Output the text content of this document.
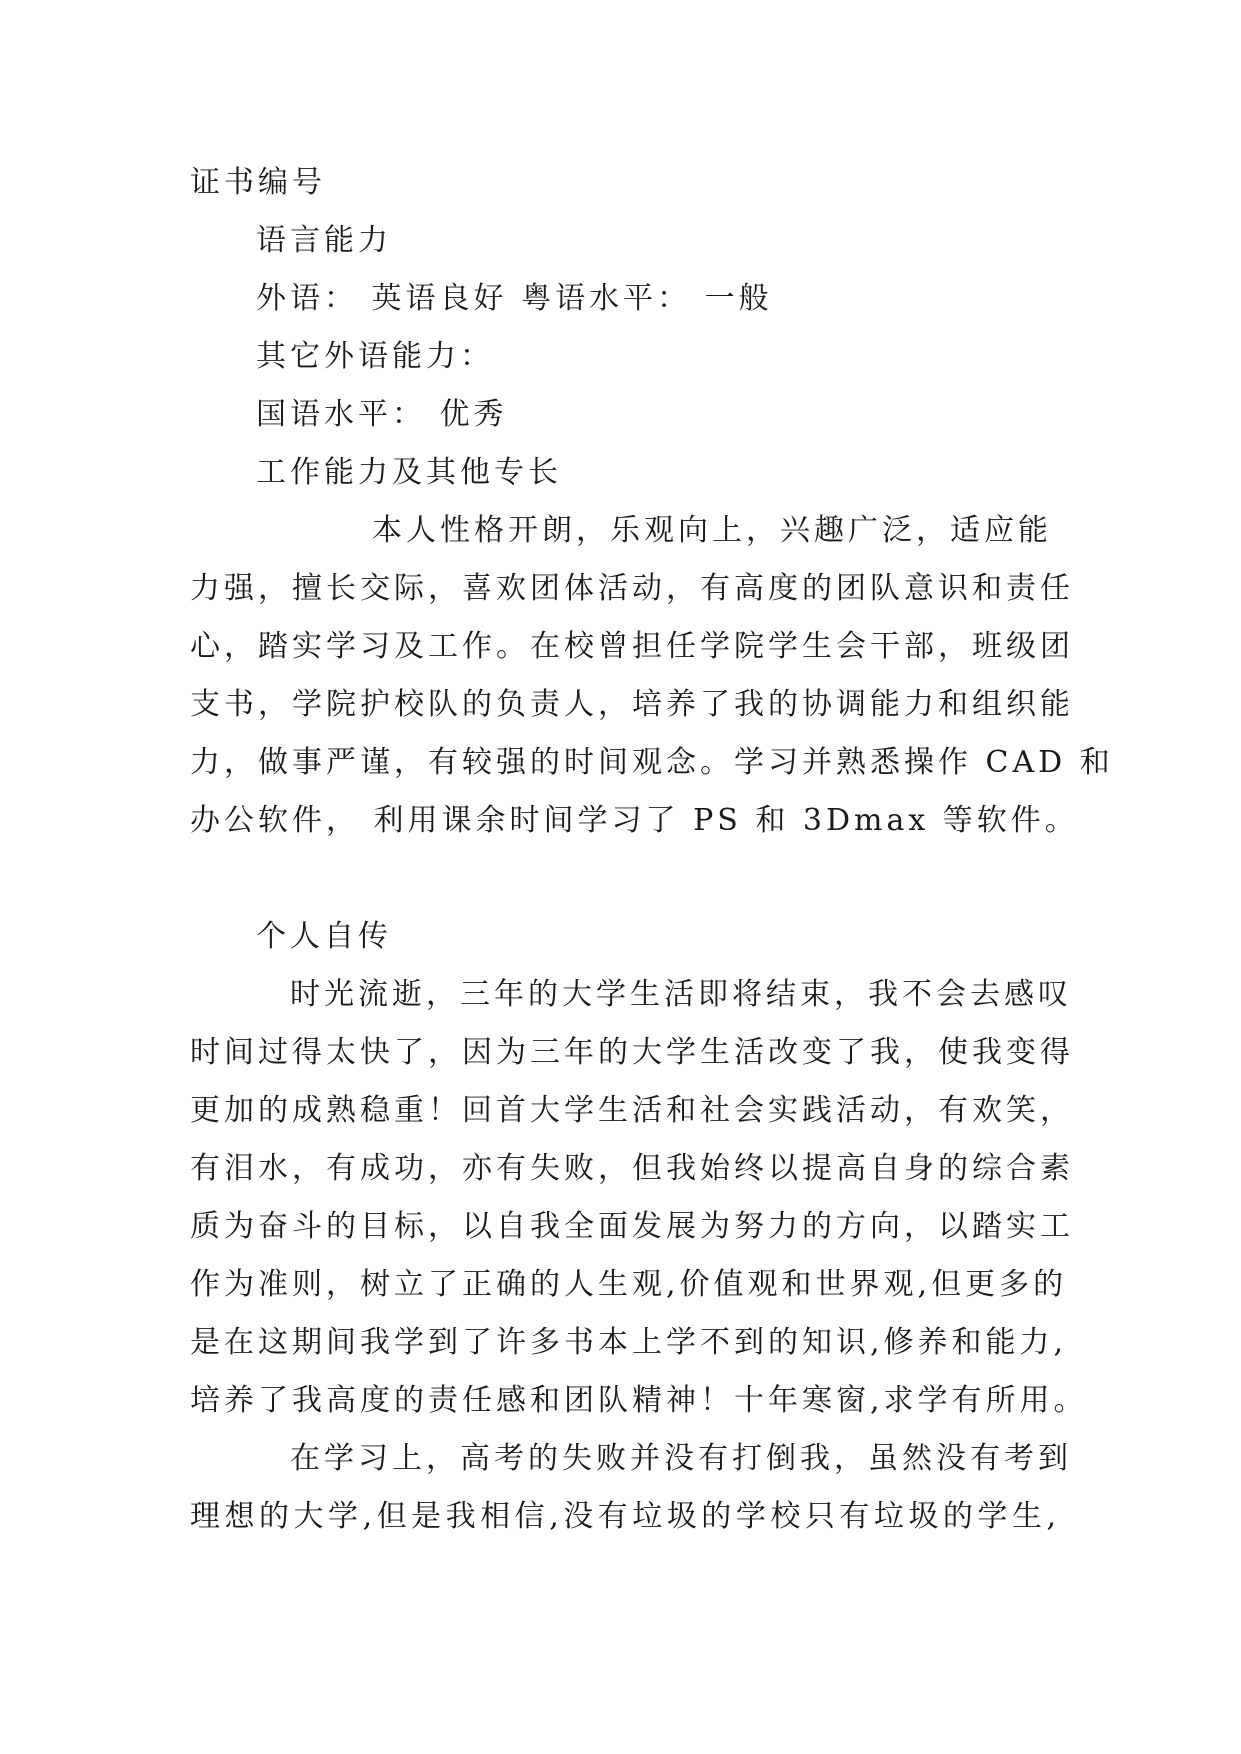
证书编号
语言能力
外语： 英语良好 粤语水平： 一般
其它外语能力：
国语水平： 优秀
工作能力及其他专长
本人性格开朗，乐观向上，兴趣广泛，适应能
力强，擅长交际，喜欢团体活动，有高度的团队意识和责任
心，踏实学习及工作。在校曾担任学院学生会干部，班级团
支书，学院护校队的负责人，培养了我的协调能力和组织能
力，做事严谨，有较强的时间观念。学习并熟悉操作 CAD 和
办公软件， 利用课余时间学习了 PS 和 3Dmax 等软件。
个人自传
时光流逝，三年的大学生活即将结束，我不会去感叹
时间过得太快了，因为三年的大学生活改变了我，使我变得
更加的成熟稳重！回首大学生活和社会实践活动，有欢笑，
有泪水，有成功，亦有失败，但我始终以提高自身的综合素
质为奋斗的目标，以自我全面发展为努力的方向，以踏实工
作为准则，树立了正确的人生观,价值观和世界观,但更多的
是在这期间我学到了许多书本上学不到的知识,修养和能力,
培养了我高度的责任感和团队精神！十年寒窗,求学有所用。
在学习上，高考的失败并没有打倒我，虽然没有考到
理想的大学,但是我相信,没有垃圾的学校只有垃圾的学生,
